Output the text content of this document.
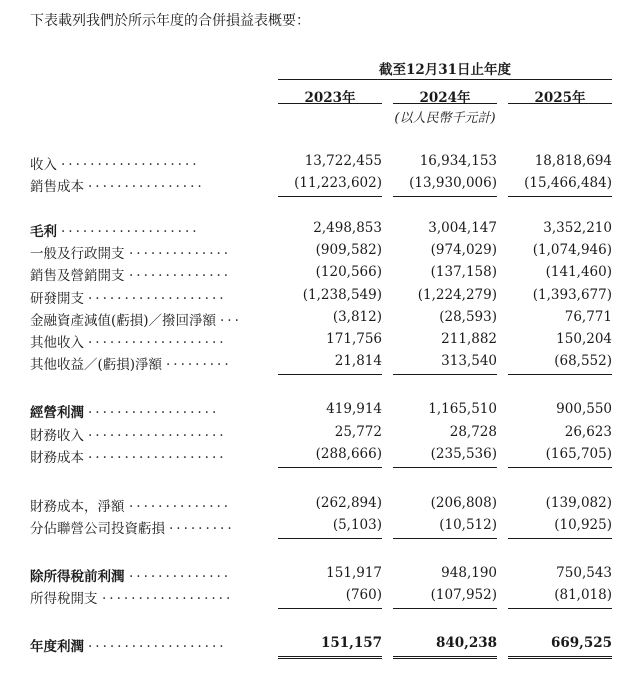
下表載列我們於所示年度的合併損益表概要：
截至12月31日止年度
2023年	2024年	2025年
(以人民幣千元計)
收入 ...................	13,722,455	16,934,153	18,818,694
銷售成本 ................	(11,223,602)	(13,930,006)	(15,466,484)
毛利 ...................	2,498,853	3,004,147	3,352,210
一般及行政開支 ..............	(909,582)	(974,029)	(1,074,946)
銷售及營銷開支 ..............	(120,566)	(137,158)	(141,460)
研發開支 ...................	(1,238,549)	(1,224,279)	(1,393,677)
金融資產減值(虧損)／撥回淨額 ...	(3,812)	(28,593)	76,771
其他收入 ...................	171,756	211,882	150,204
其他收益／(虧損)淨額 .........	21,814	313,540	(68,552)
經營利潤 ..................	419,914	1,165,510	900,550
財務收入 ...................	25,772	28,728	26,623
財務成本 ...................	(288,666)	(235,536)	(165,705)
財務成本，淨額 ..............	(262,894)	(206,808)	(139,082)
分佔聯營公司投資虧損 .........	(5,103)	(10,512)	(10,925)
除所得稅前利潤 ..............	151,917	948,190	750,543
所得稅開支 ..................	(760)	(107,952)	(81,018)
年度利潤 ...................	151,157	840,238	669,525
